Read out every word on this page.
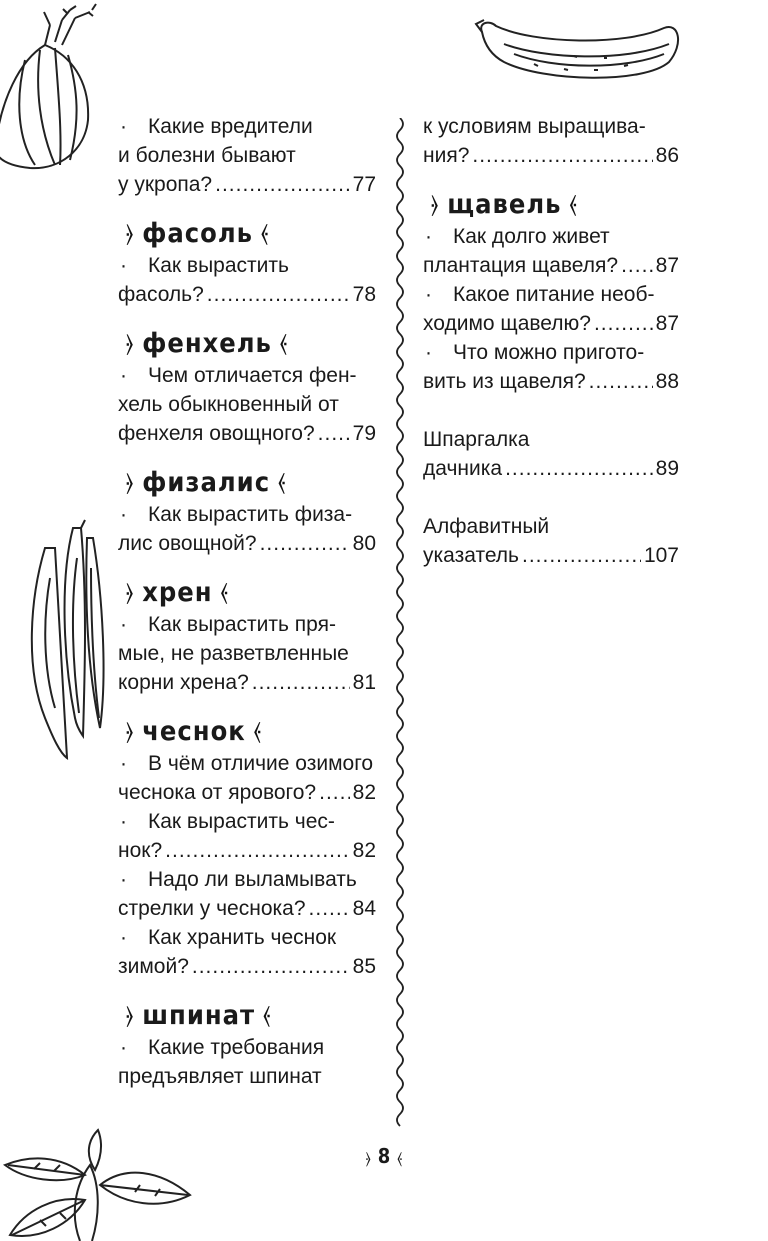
· Какие вредители
и болезни бывают
у укропа? .....	77
⦒ фасоль ⦑
· Как вырастить
фасоль? .....	78
⦒ фенхель ⦑
· Чем отличается фен-
хель обыкновенный от
фенхеля овощного? ..... 79
⦒ физалис ⦑
· Как вырастить физа-
лис овощной? .....	80
⦒ хрен ⦑
· Как вырастить пря-
мые, не разветвленные
корни хрена? .....	81
⦒ чеснок ⦑
· В чём отличие озимого
чеснока от ярового? ..... 82
· Как вырастить чес-
нок? .....	82
· Надо ли выламывать
стрелки у чеснока? ..... 84
· Как хранить чеснок
зимой? .....	85
⦒ шпинат ⦑
· Какие требования
предъявляет шпинат
к условиям выращива-
ния? .....	86
⦒ щавель ⦑
· Как долго живет
плантация щавеля? ..... 87
· Какое питание необ-
ходимо щавелю? .....	87
· Что можно пригото-
вить из щавеля? .....	88
Шпаргалка
дачника .....	89
Алфавитный
указатель .....	107
⦒ 8 ⦑
